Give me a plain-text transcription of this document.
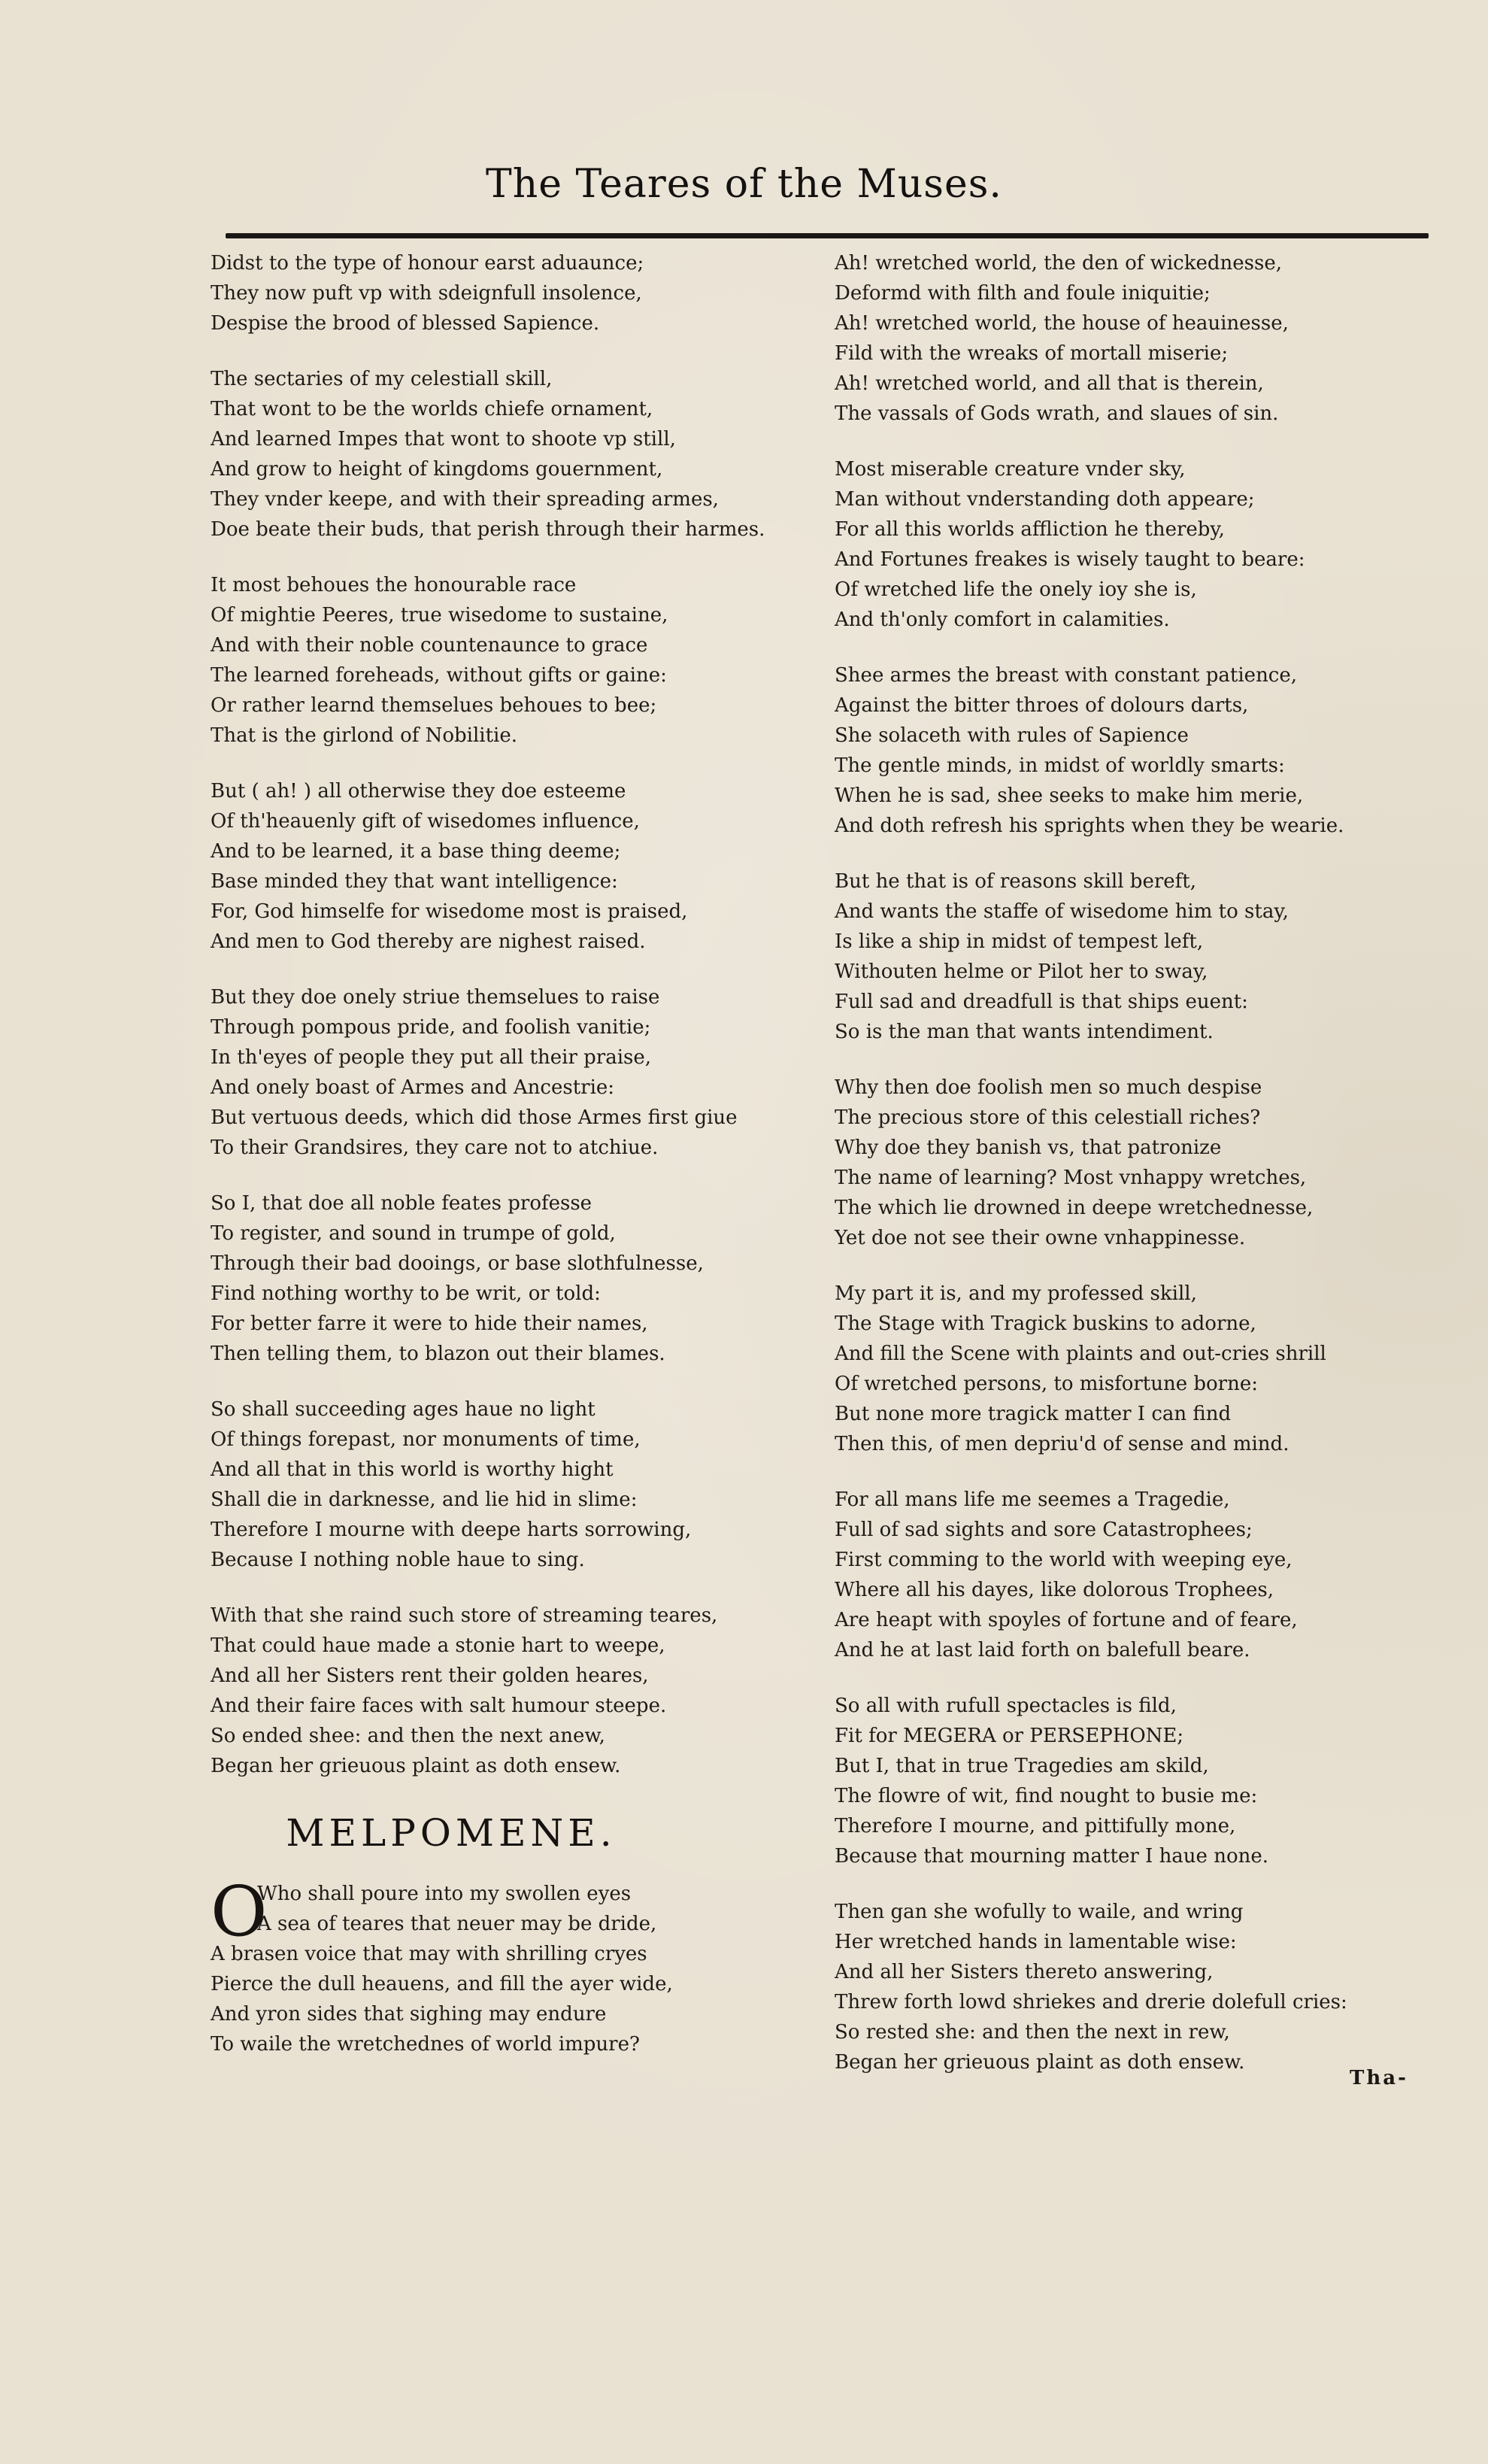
The Teares of the Muses.
Didst to the type of honour earst aduaunce;
They now puft vp with sdeignfull insolence,
Despise the brood of blessed Sapience.
The sectaries of my celestiall skill,
That wont to be the worlds chiefe ornament,
And learned Impes that wont to shoote vp still,
And grow to height of kingdoms gouernment,
They vnder keepe, and with their spreading armes,
Doe beate their buds, that perish through their harmes.
It most behoues the honourable race
Of mightie Peeres, true wisedome to sustaine,
And with their noble countenaunce to grace
The learned foreheads, without gifts or gaine:
Or rather learnd themselues behoues to bee;
That is the girlond of Nobilitie.
But ( ah! ) all otherwise they doe esteeme
Of th'heauenly gift of wisedomes influence,
And to be learned, it a base thing deeme;
Base minded they that want intelligence:
For, God himselfe for wisedome most is praised,
And men to God thereby are nighest raised.
But they doe onely striue themselues to raise
Through pompous pride, and foolish vanitie;
In th'eyes of people they put all their praise,
And onely boast of Armes and Ancestrie:
But vertuous deeds, which did those Armes first giue
To their Grandsires, they care not to atchiue.
So I, that doe all noble feates professe
To register, and sound in trumpe of gold,
Through their bad dooings, or base slothfulnesse,
Find nothing worthy to be writ, or told:
For better farre it were to hide their names,
Then telling them, to blazon out their blames.
So shall succeeding ages haue no light
Of things forepast, nor monuments of time,
And all that in this world is worthy hight
Shall die in darknesse, and lie hid in slime:
Therefore I mourne with deepe harts sorrowing,
Because I nothing noble haue to sing.
With that she raind such store of streaming teares,
That could haue made a stonie hart to weepe,
And all her Sisters rent their golden heares,
And their faire faces with salt humour steepe.
So ended shee: and then the next anew,
Began her grieuous plaint as doth ensew.
MELPOMENE.
O
Who shall poure into my swollen eyes
A sea of teares that neuer may be dride,
A brasen voice that may with shrilling cryes
Pierce the dull heauens, and fill the ayer wide,
And yron sides that sighing may endure
To waile the wretchednes of world impure?
Ah! wretched world, the den of wickednesse,
Deformd with filth and foule iniquitie;
Ah! wretched world, the house of heauinesse,
Fild with the wreaks of mortall miserie;
Ah! wretched world, and all that is therein,
The vassals of Gods wrath, and slaues of sin.
Most miserable creature vnder sky,
Man without vnderstanding doth appeare;
For all this worlds affliction he thereby,
And Fortunes freakes is wisely taught to beare:
Of wretched life the onely ioy she is,
And th'only comfort in calamities.
Shee armes the breast with constant patience,
Against the bitter throes of dolours darts,
She solaceth with rules of Sapience
The gentle minds, in midst of worldly smarts:
When he is sad, shee seeks to make him merie,
And doth refresh his sprights when they be wearie.
But he that is of reasons skill bereft,
And wants the staffe of wisedome him to stay,
Is like a ship in midst of tempest left,
Withouten helme or Pilot her to sway,
Full sad and dreadfull is that ships euent:
So is the man that wants intendiment.
Why then doe foolish men so much despise
The precious store of this celestiall riches?
Why doe they banish vs, that patronize
The name of learning? Most vnhappy wretches,
The which lie drowned in deepe wretchednesse,
Yet doe not see their owne vnhappinesse.
My part it is, and my professed skill,
The Stage with Tragick buskins to adorne,
And fill the Scene with plaints and out-cries shrill
Of wretched persons, to misfortune borne:
But none more tragick matter I can find
Then this, of men depriu'd of sense and mind.
For all mans life me seemes a Tragedie,
Full of sad sights and sore Catastrophees;
First comming to the world with weeping eye,
Where all his dayes, like dolorous Trophees,
Are heapt with spoyles of fortune and of feare,
And he at last laid forth on balefull beare.
So all with rufull spectacles is fild,
Fit for MEGERA or PERSEPHONE;
But I, that in true Tragedies am skild,
The flowre of wit, find nought to busie me:
Therefore I mourne, and pittifully mone,
Because that mourning matter I haue none.
Then gan she wofully to waile, and wring
Her wretched hands in lamentable wise:
And all her Sisters thereto answering,
Threw forth lowd shriekes and drerie dolefull cries:
So rested she: and then the next in rew,
Began her grieuous plaint as doth ensew.
Tha-
